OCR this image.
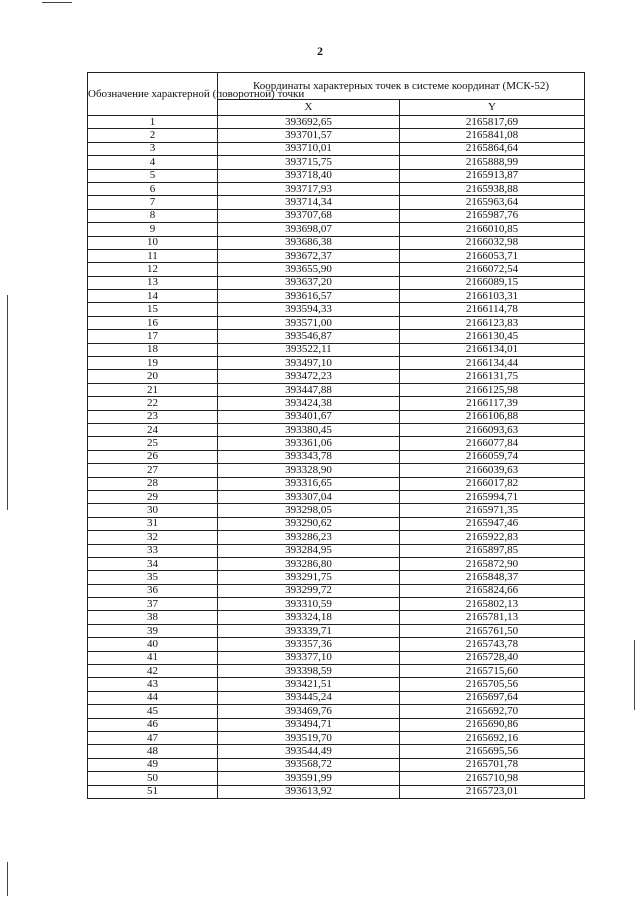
2
Обозначение характерной (поворотной) точки	Координаты характерных точек в системе координат (МСК-52)	
	X	Y
1	393692,65	2165817,69
2	393701,57	2165841,08
3	393710,01	2165864,64
4	393715,75	2165888,99
5	393718,40	2165913,87
6	393717,93	2165938,88
7	393714,34	2165963,64
8	393707,68	2165987,76
9	393698,07	2166010,85
10	393686,38	2166032,98
11	393672,37	2166053,71
12	393655,90	2166072,54
13	393637,20	2166089,15
14	393616,57	2166103,31
15	393594,33	2166114,78
16	393571,00	2166123,83
17	393546,87	2166130,45
18	393522,11	2166134,01
19	393497,10	2166134,44
20	393472,23	2166131,75
21	393447,88	2166125,98
22	393424,38	2166117,39
23	393401,67	2166106,88
24	393380,45	2166093,63
25	393361,06	2166077,84
26	393343,78	2166059,74
27	393328,90	2166039,63
28	393316,65	2166017,82
29	393307,04	2165994,71
30	393298,05	2165971,35
31	393290,62	2165947,46
32	393286,23	2165922,83
33	393284,95	2165897,85
34	393286,80	2165872,90
35	393291,75	2165848,37
36	393299,72	2165824,66
37	393310,59	2165802,13
38	393324,18	2165781,13
39	393339,71	2165761,50
40	393357,36	2165743,78
41	393377,10	2165728,40
42	393398,59	2165715,60
43	393421,51	2165705,56
44	393445,24	2165697,64
45	393469,76	2165692,70
46	393494,71	2165690,86
47	393519,70	2165692,16
48	393544,49	2165695,56
49	393568,72	2165701,78
50	393591,99	2165710,98
51	393613,92	2165723,01
